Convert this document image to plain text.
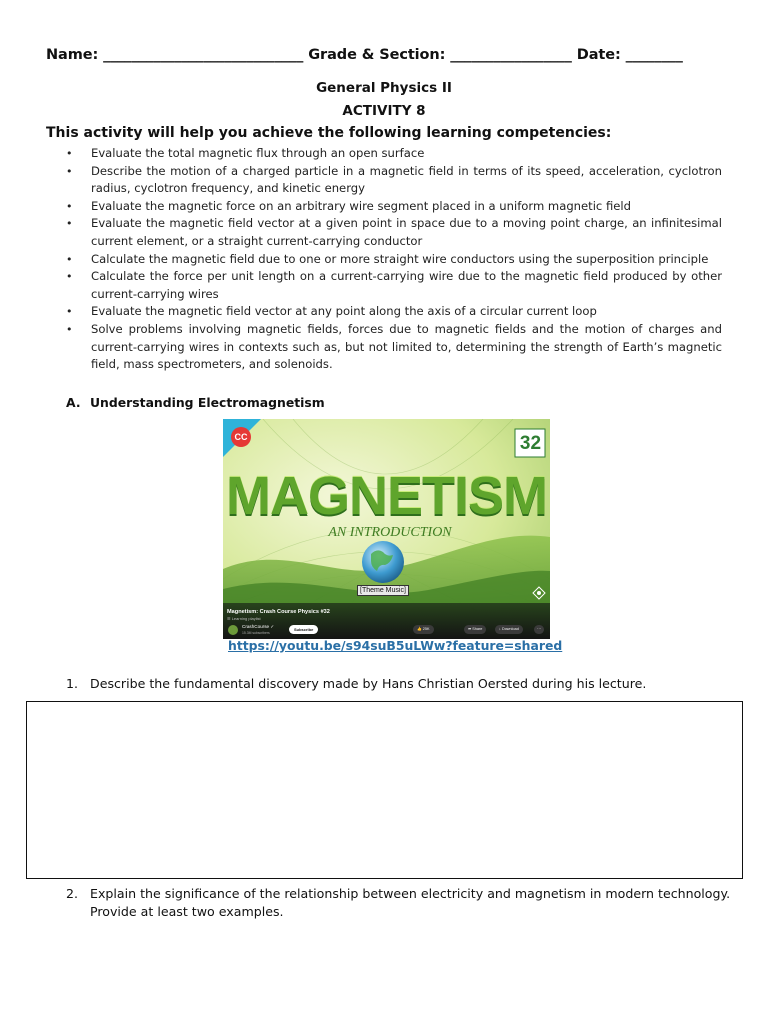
Name: ____________________________ Grade & Section: _________________ Date: ________
General Physics II
ACTIVITY 8
This activity will help you achieve the following learning competencies:
• Evaluate the total magnetic flux through an open surface
• Describe the motion of a charged particle in a magnetic field in terms of its speed, acceleration, cyclotron radius, cyclotron frequency, and kinetic energy
• Evaluate the magnetic force on an arbitrary wire segment placed in a uniform magnetic field
• Evaluate the magnetic field vector at a given point in space due to a moving point charge, an infinitesimal current element, or a straight current-carrying conductor
• Calculate the magnetic field due to one or more straight wire conductors using the superposition principle
• Calculate the force per unit length on a current-carrying wire due to the magnetic field produced by other current-carrying wires
• Evaluate the magnetic field vector at any point along the axis of a circular current loop
• Solve problems involving magnetic fields, forces due to magnetic fields and the motion of charges and current-carrying wires in contexts such as, but not limited to, determining the strength of Earth’s magnetic field, mass spectrometers, and solenoids.
A. Understanding Electromagnetism
CC	32
MAGNETISM
AN INTRODUCTION
[Theme Music]
Magnetism: Crash Course Physics #32
☰ Learning playlist
CrashCourse ✓
15.3M subscribers
Subscribe	👍 25K	➦ Share	↓ Download	⋯
https://youtu.be/s94suB5uLWw?feature=shared
1. Describe the fundamental discovery made by Hans Christian Oersted during his lecture.
2. Explain the significance of the relationship between electricity and magnetism in modern technology. Provide at least two examples.
